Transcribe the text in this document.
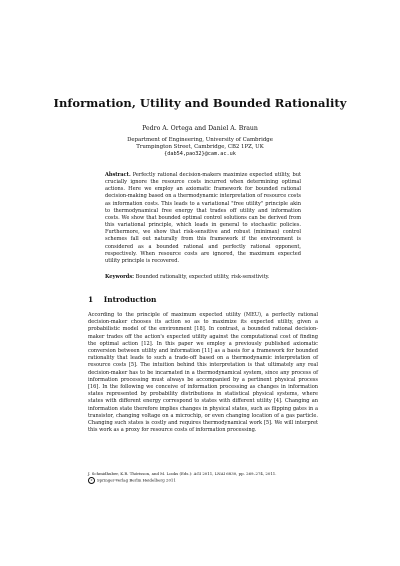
Information, Utility and Bounded Rationality
Pedro A. Ortega and Daniel A. Braun
Department of Engineering, University of Cambridge
Trumpington Street, Cambridge, CB2 1PZ, UK
{dab54,pao32}@cam.ac.uk
Abstract. Perfectly rational decision-makers maximize expected utility, but crucially ignore the resource costs incurred when determining optimal actions. Here we employ an axiomatic framework for bounded rational decision-making based on a thermodynamic interpretation of resource costs as information costs. This leads to a variational "free utility" principle akin to thermodynamical free energy that trades off utility and information costs. We show that bounded optimal control solutions can be derived from this variational principle, which leads in general to stochastic policies. Furthermore, we show that risk-sensitive and robust (minimax) control schemes fall out naturally from this framework if the environment is considered as a bounded rational and perfectly rational opponent, respectively. When resource costs are ignored, the maximum expected utility principle is recovered.
Keywords: Bounded rationality, expected utility, risk-sensitivity.
1 Introduction
According to the principle of maximum expected utility (MEU), a perfectly rational decision-maker chooses its action so as to maximize its expected utility, given a probabilistic model of the environment [18]. In contrast, a bounded rational decision-maker trades off the action's expected utility against the computational cost of finding the optimal action [12]. In this paper we employ a previously published axiomatic conversion between utility and information [11] as a basis for a framework for bounded rationality that leads to such a trade-off based on a thermodynamic interpretation of resource costs [5]. The intuition behind this interpretation is that ultimately any real decision-maker has to be incarnated in a thermodynamical system, since any process of information processing must always be accompanied by a pertinent physical process [16]. In the following we conceive of information processing as changes in information states represented by probability distributions in statistical physical systems, where states with different energy correspond to states with different utility [4]. Changing an information state therefore implies changes in physical states, such as flipping gates in a transistor, changing voltage on a microchip, or even changing location of a gas particle. Changing such states is costly and requires thermodynamical work [5]. We will interpret this work as a proxy for resource costs of information processing.
J. Schmidhuber, K.R. Thórisson, and M. Looks (Eds.): AGI 2011, LNAI 6830, pp. 269–274, 2011.
c Springer-Verlag Berlin Heidelberg 2011
